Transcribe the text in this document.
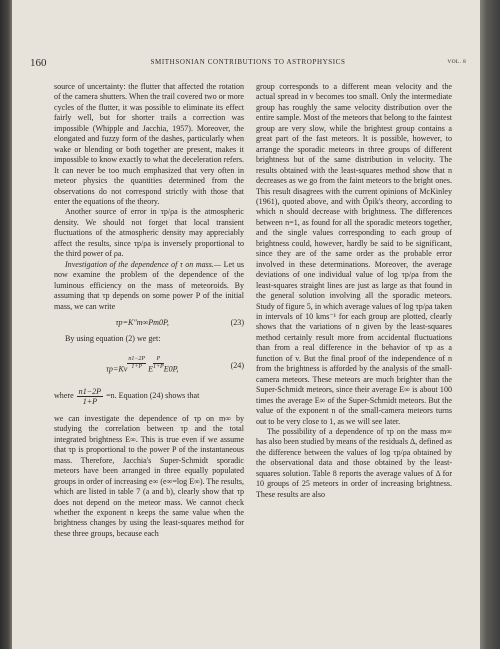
160	SMITHSONIAN CONTRIBUTIONS TO ASTROPHYSICS	VOL. 8

source of uncertainty: the flutter that affected the rotation of the camera shutters. When the trail covered two or more cycles of the flutter, it was possible to eliminate its effect fairly well, but for shorter trails a correction was impossible (Whipple and Jacchia, 1957). Moreover, the elongated and fuzzy form of the dashes, particularly when wake or blending or both together are present, makes it impossible to know exactly to what the deceleration refers. It can never be too much emphasized that very often in meteor physics the quantities determined from the observations do not correspond strictly with those that enter the equations of the theory.

Another source of error in τp/ρa is the atmospheric density. We should not forget that local transient fluctuations of the atmospheric density may appreciably affect the results, since τp/ρa is inversely proportional to the third power of ρa.

Investigation of the dependence of τ on mass.— Let us now examine the problem of the dependence of the luminous efficiency on the mass of meteoroids. By assuming that τp depends on some power P of the initial mass, we can write

τp=K″m∞Pm0P,	(23)

By using equation (2) we get:

$\tau p=Kv \frac{n1-2P}{1+P}$ E $\frac{P}{1+P} E0P$,	(24)
where $\frac{n1-2P}{1+P} =n$. Equation (24) shows that

we can investigate the dependence of τp on m∞ by studying the correlation between τp and the total integrated brightness E∞. This is true even if we assume that τp is proportional to the power P of the instantaneous mass. Therefore, Jacchia's Super-Schmidt sporadic meteors have been arranged in three equally populated groups in order of increasing e∞ (e∞=log E∞). The results, which are listed in table 7 (a and b), clearly show that τp does not depend on the meteor mass. We cannot check whether the exponent n keeps the same value when the brightness changes by using the least-squares method for these three groups, because each

group corresponds to a different mean velocity and the actual spread in v becomes too small. Only the intermediate group has roughly the same velocity distribution over the entire sample. Most of the meteors that belong to the faintest group are very slow, while the brightest group contains a great part of the fast meteors. It is possible, however, to arrange the sporadic meteors in three groups of different brightness but of the same distribution in velocity. The results obtained with the least-squares method show that n decreases as we go from the faint meteors to the bright ones. This result disagrees with the current opinions of McKinley (1961), quoted above, and with Öpik's theory, according to which n should decrease with brightness. The differences between n=1, as found for all the sporadic meteors together, and the single values corresponding to each group of brightness could, however, hardly be said to be significant, since they are of the same order as the probable error involved in these determinations. Moreover, the average deviations of one individual value of log τp/ρa from the least-squares straight lines are just as large as that found in the general solution involving all the sporadic meteors. Study of figure 5, in which average values of log τp/ρa taken in intervals of 10 kms⁻¹ for each group are plotted, clearly shows that the variations of n given by the least-squares method certainly result more from accidental fluctuations than from a real difference in the behavior of τp as a function of v. But the final proof of the independence of n from the brightness is afforded by the analysis of the small-camera meteors. These meteors are much brighter than the Super-Schmidt meteors, since their average E∞ is about 100 times the average E∞ of the Super-Schmidt meteors. But the value of the exponent n of the small-camera meteors turns out to be very close to 1, as we will see later.

The possibility of a dependence of τp on the mass m∞ has also been studied by means of the residuals Δ, defined as the difference between the values of log τp/ρa obtained by the observational data and those obtained by the least-squares solution. Table 8 reports the average values of Δ for 10 groups of 25 meteors in order of increasing brightness. These results are also
